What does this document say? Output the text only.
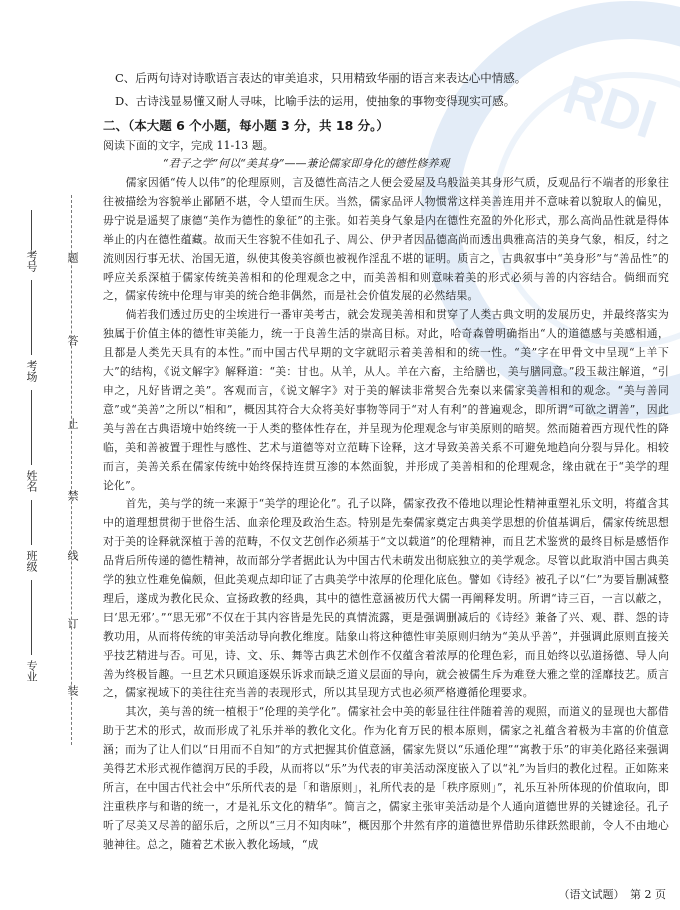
RDI
考号
考场
姓名
班级
专业
题
答
止
禁
线
订
装

C、后两句诗对诗歌语言表达的审美追求，只用精致华丽的语言来表达心中情感。

D、古诗浅显易懂又耐人寻味，比喻手法的运用，使抽象的事物变得现实可感。

二、（本大题 6 个小题，每小题 3 分，共 18 分。）

阅读下面的文字，完成 11-13 题。

“君子之学”何以“美其身”——兼论儒家即身化的德性修养观

儒家因循“传人以伟”的伦理原则，言及德性高洁之人便会爱屋及乌般溢美其身形气质，反观品行不端者的形象往往被描绘为容貌举止鄙陋不堪，令人望而生厌。当然，儒家品评人物惯常这样美善连用并不意味着以貌取人的偏见，毋宁说是遥契了康德“美作为德性的象征”的主张。如若美身气象是内在德性充盈的外化形式，那么高尚品性就是得体举止的内在德性蕴藏。故而天生容貌不佳如孔子、周公、伊尹者因品德高尚而透出典雅高洁的美身气象，相反，纣之流则因行事无状、治国无道，纵使其俊美容颜也被视作淫乱不堪的证明。质言之，古典叙事中“美身形”与“善品性”的呼应关系深植于儒家传统美善相和的伦理观念之中，而美善相和则意味着美的形式必须与善的内容结合。倘细而究之，儒家传统中伦理与审美的统合绝非偶然，而是社会价值发展的必然结果。

倘若我们透过历史的尘埃进行一番审美考古，就会发现美善相和贯穿了人类古典文明的发展历史，并最终落实为独属于价值主体的德性审美能力，统一于良善生活的崇高目标。对此，哈奇森曾明确指出“人的道德感与美感相通，且都是人类先天具有的本性。”而中国古代早期的文字就昭示着美善相和的统一性。“美”字在甲骨文中呈现“上羊下大”的结构，《说文解字》解释道：“美：甘也。从羊，从人。羊在六畜，主给膳也，美与膳同意。”段玉裁注解道，“引申之，凡好皆谓之美”。客观而言，《说文解字》对于美的解读非常契合先秦以来儒家美善相和的观念。“美与善同意”或“美善”之所以“相和”，概因其符合大众将美好事物等同于“对人有利”的普遍观念，即所谓“可欲之谓善”，因此美与善在古典语境中始终统一于人类的整体性存在，并呈现为伦理观念与审美原则的暗契。然而随着西方现代性的降临，美和善被置于理性与感性、艺术与道德等对立范畴下诠释，这才导致美善关系不可避免地趋向分裂与异化。相较而言，美善关系在儒家传统中始终保持连贯互渗的本然面貌，并形成了美善相和的伦理观念，缘由就在于“美学的理论化”。

首先，美与学的统一来源于“美学的理论化”。孔子以降，儒家孜孜不倦地以理论性精神重塑礼乐文明，将蕴含其中的道理想贯彻于世俗生活、血亲伦理及政治生态。特别是先秦儒家奠定古典美学思想的价值基调后，儒家传统思想对于美的诠释就深植于善的范畴，不仅文艺创作必须基于“文以载道”的伦理精神，而且艺术鉴赏的最终目标是感悟作品背后所传递的德性精神，故而部分学者据此认为中国古代未萌发出彻底独立的美学观念。尽管以此取消中国古典美学的独立性难免偏颇，但此美观点却印证了古典美学中浓厚的伦理化底色。譬如《诗经》被孔子以“仁”为要旨删减整理后，遂成为教化民众、宣扬政教的经典，其中的德性意涵被历代大儒一再阐释发明。所谓“诗三百，一言以蔽之，曰‘思无邪’。”“思无邪”不仅在于其内容皆是先民的真情流露，更是强调删减后的《诗经》兼备了兴、观、群、怨的诗教功用，从而将传统的审美活动导向教化维度。陆象山将这种德性审美原则归纳为“美从乎善”，并强调此原则直接关乎技艺精进与否。可见，诗、文、乐、舞等古典艺术创作不仅蕴含着浓厚的伦理色彩，而且始终以弘道扬德、导人向善为终极旨趣。一旦艺术只顾追逐娱乐诉求而缺乏道义层面的导向，就会被儒生斥为难登大雅之堂的淫靡技艺。质言之，儒家视域下的美往往充当善的表现形式，所以其呈现方式也必须严格遵循伦理要求。

其次，美与善的统一植根于“伦理的美学化”。儒家社会中美的彰显往往伴随着善的观照，而道义的显现也大都借助于艺术的形式，故而形成了礼乐并举的教化文化。作为化育万民的根本原则，儒家之礼蕴含着极为丰富的价值意涵；而为了让人们以“日用而不自知”的方式把握其价值意涵，儒家先贤以“乐通伦理”“寓教于乐”的审美化路径来强调美得艺术形式视作德润万民的手段，从而将以“乐”为代表的审美活动深度嵌入了以“礼”为旨归的教化过程。正如陈来所言，在中国古代社会中“乐所代表的是「和谐原则」，礼所代表的是「秩序原则」”，礼乐互补所体现的价值取向，即注重秩序与和谐的统一，才是礼乐文化的精华”。简言之，儒家主张审美活动是个人通向道德世界的关键途径。孔子听了尽美又尽善的韶乐后，之所以“三月不知肉味”，概因那个井然有序的道德世界借助乐律跃然眼前，令人不由地心驰神往。总之，随着艺术嵌入教化场域，“成

（语文试题）　第 2 页
